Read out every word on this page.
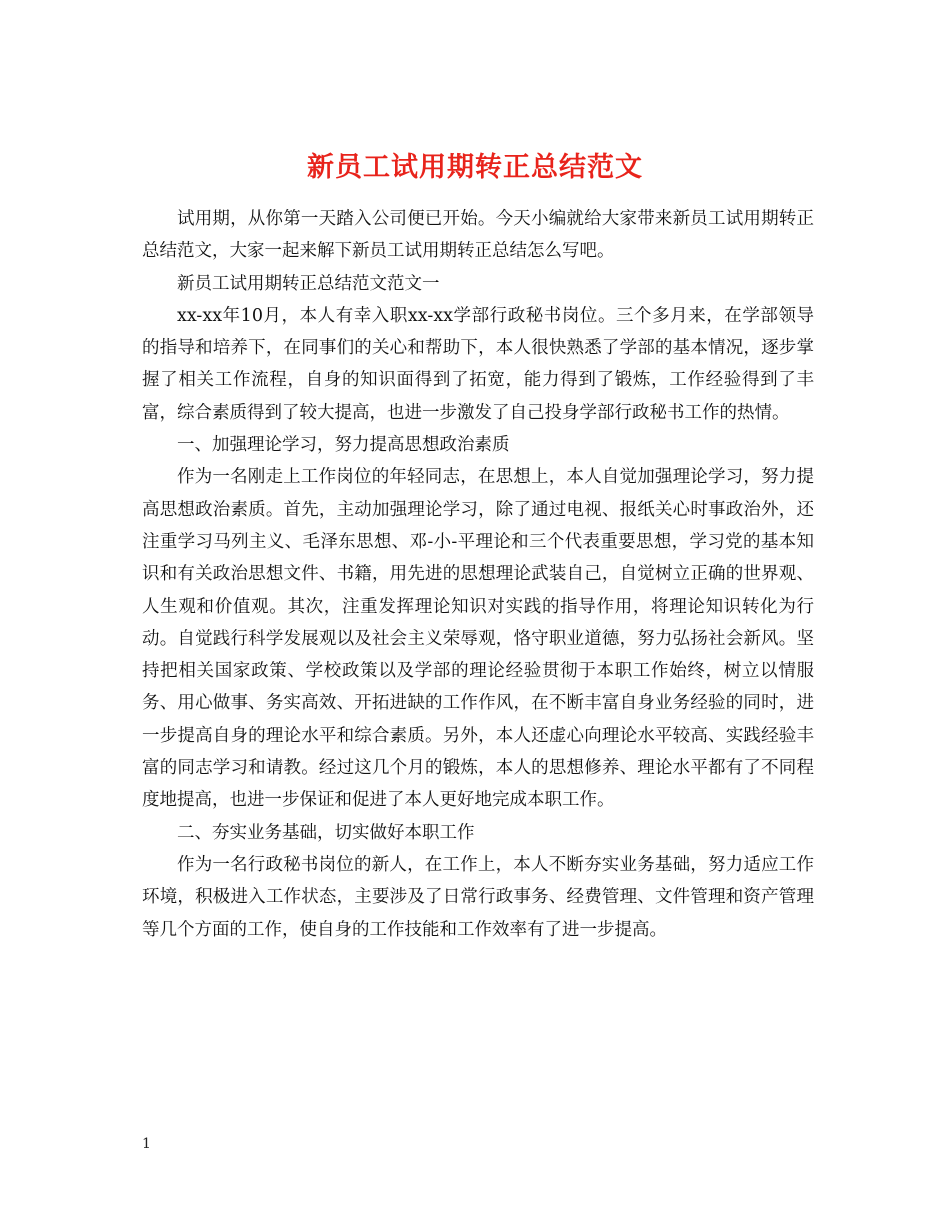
新员工试用期转正总结范文

试用期，从你第一天踏入公司便已开始。今天小编就给大家带来新员工试用期转正总结范文，大家一起来解下新员工试用期转正总结怎么写吧。

新员工试用期转正总结范文范文一

xx-xx年10月，本人有幸入职xx-xx学部行政秘书岗位。三个多月来，在学部领导的指导和培养下，在同事们的关心和帮助下，本人很快熟悉了学部的基本情况，逐步掌握了相关工作流程，自身的知识面得到了拓宽，能力得到了锻炼，工作经验得到了丰富，综合素质得到了较大提高，也进一步激发了自己投身学部行政秘书工作的热情。

一、加强理论学习，努力提高思想政治素质

作为一名刚走上工作岗位的年轻同志，在思想上，本人自觉加强理论学习，努力提高思想政治素质。首先，主动加强理论学习，除了通过电视、报纸关心时事政治外，还注重学习马列主义、毛泽东思想、邓-小-平理论和三个代表重要思想，学习党的基本知识和有关政治思想文件、书籍，用先进的思想理论武装自己，自觉树立正确的世界观、人生观和价值观。其次，注重发挥理论知识对实践的指导作用，将理论知识转化为行动。自觉践行科学发展观以及社会主义荣辱观，恪守职业道德，努力弘扬社会新风。坚持把相关国家政策、学校政策以及学部的理论经验贯彻于本职工作始终，树立以情服务、用心做事、务实高效、开拓进缺的工作作风，在不断丰富自身业务经验的同时，进一步提高自身的理论水平和综合素质。另外，本人还虚心向理论水平较高、实践经验丰富的同志学习和请教。经过这几个月的锻炼，本人的思想修养、理论水平都有了不同程度地提高，也进一步保证和促进了本人更好地完成本职工作。

二、夯实业务基础，切实做好本职工作

作为一名行政秘书岗位的新人，在工作上，本人不断夯实业务基础，努力适应工作环境，积极进入工作状态，主要涉及了日常行政事务、经费管理、文件管理和资产管理等几个方面的工作，使自身的工作技能和工作效率有了进一步提高。

1
